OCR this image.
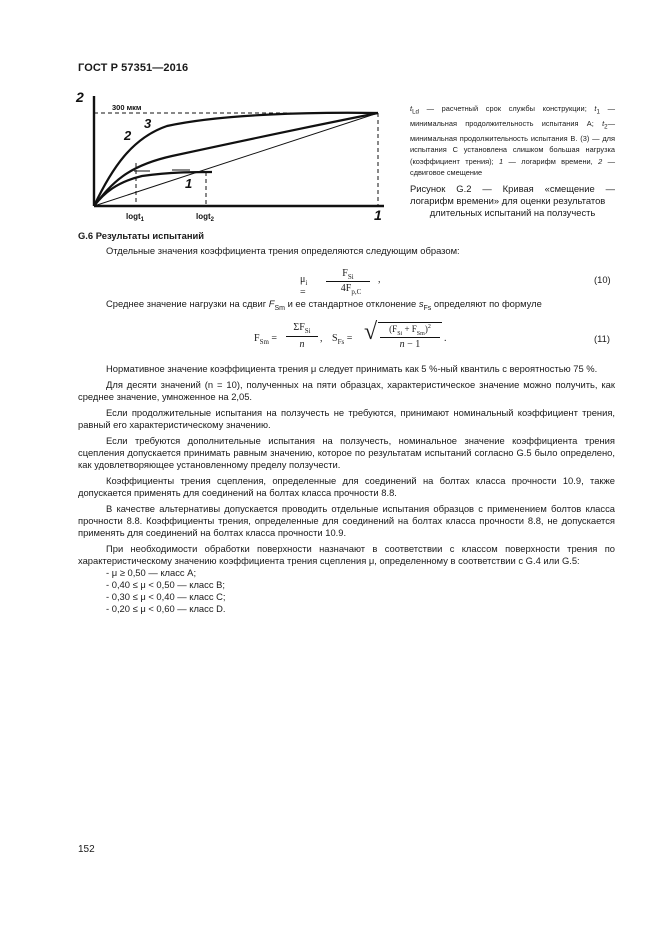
ГОСТ Р 57351—2016
2
1
300 мкм
1
2
3
logt$_1$	logt$_2$
$t_{Ld}$ — расчетный срок службы конструкции; $t_1$ — минимальная продолжительность испытания А; $t_2—$ минимальная продолжительность испытания В. (3) — для испытания С установлена слишком большая нагрузка (коэффициент трения); 1 — логарифм времени, 2 — сдвиговое смещение
Рисунок G.2 — Кривая «смещение — логарифм времени» для оценки результатов
длительных испытаний на ползучесть

G.6 Результаты испытаний

Отдельные значения коэффициента трения определяются следующим образом:

$\mu_i$ =
$F_{Si}$
$4F_{p,C}$
,	(10)

Среднее значение нагрузки на сдвиг $F_{Sm}$ и ее стандартное отклонение $s_{Fs}$ определяют по формуле

$F_{Sm}$ =
$\Sigma F_{Si}$
n
, $S_{Fs}$ = √	$(F_{Si} + F_{Sm})^2$
n − 1
.	(11)

Нормативное значение коэффициента трения μ следует принимать как 5 %-ный квантиль с вероятностью 75 %.

Для десяти значений (n = 10), полученных на пяти образцах, характеристическое значение можно получить, как среднее значение, умноженное на 2,05.

Если продолжительные испытания на ползучесть не требуются, принимают номинальный коэффициент трения, равный его характеристическому значению.

Если требуются дополнительные испытания на ползучесть, номинальное значение коэффициента трения сцепления допускается принимать равным значению, которое по результатам испытаний согласно G.5 было определено, как удовлетворяющее установленному пределу ползучести.

Коэффициенты трения сцепления, определенные для соединений на болтах класса прочности 10.9, также допускается применять для соединений на болтах класса прочности 8.8.

В качестве альтернативы допускается проводить отдельные испытания образцов с применением болтов класса прочности 8.8. Коэффициенты трения, определенные для соединений на болтах класса прочности 8.8, не допускается применять для соединений на болтах класса прочности 10.9.

При необходимости обработки поверхности назначают в соответствии с классом поверхности трения по характеристическому значению коэффициента трения сцепления μ, определенному в соответствии с G.4 или G.5:

- μ ≥ 0,50 — класс A;
- 0,40 ≤ μ < 0,50 — класс B;
- 0,30 ≤ μ < 0,40 — класс C;
- 0,20 ≤ μ < 0,60 — класс D.
152
